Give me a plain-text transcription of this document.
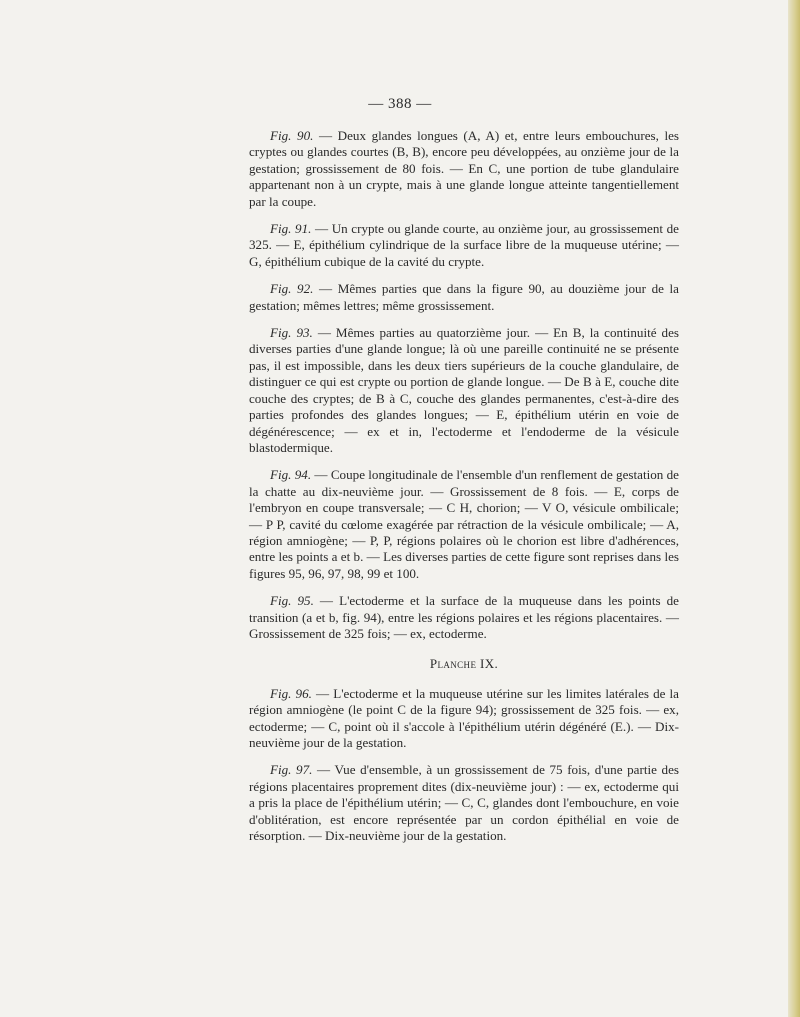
— 388 —

Fig. 90. — Deux glandes longues (A, A) et, entre leurs embouchures, les cryptes ou glandes courtes (B, B), encore peu développées, au onzième jour de la gestation; grossissement de 80 fois. — En C, une portion de tube glandulaire appartenant non à un crypte, mais à une glande longue atteinte tangentiellement par la coupe.

Fig. 91. — Un crypte ou glande courte, au onzième jour, au grossissement de 325. — E, épithélium cylindrique de la surface libre de la muqueuse utérine; — G, épithélium cubique de la cavité du crypte.

Fig. 92. — Mêmes parties que dans la figure 90, au douzième jour de la gestation; mêmes lettres; même grossissement.

Fig. 93. — Mêmes parties au quatorzième jour. — En B, la continuité des diverses parties d'une glande longue; là où une pareille continuité ne se présente pas, il est impossible, dans les deux tiers supérieurs de la couche glandulaire, de distinguer ce qui est crypte ou portion de glande longue. — De B à E, couche dite couche des cryptes; de B à C, couche des glandes permanentes, c'est-à-dire des parties profondes des glandes longues; — E, épithélium utérin en voie de dégénérescence; — ex et in, l'ectoderme et l'endoderme de la vésicule blastodermique.

Fig. 94. — Coupe longitudinale de l'ensemble d'un renflement de gestation de la chatte au dix-neuvième jour. — Grossissement de 8 fois. — E, corps de l'embryon en coupe transversale; — C H, chorion; — V O, vésicule ombilicale; — P P, cavité du cœlome exagérée par rétraction de la vésicule ombilicale; — A, région amniogène; — P, P, régions polaires où le chorion est libre d'adhérences, entre les points a et b. — Les diverses parties de cette figure sont reprises dans les figures 95, 96, 97, 98, 99 et 100.

Fig. 95. — L'ectoderme et la surface de la muqueuse dans les points de transition (a et b, fig. 94), entre les régions polaires et les régions placentaires. — Grossissement de 325 fois; — ex, ectoderme.

Planche IX.

Fig. 96. — L'ectoderme et la muqueuse utérine sur les limites latérales de la région amniogène (le point C de la figure 94); grossissement de 325 fois. — ex, ectoderme; — C, point où il s'accole à l'épithélium utérin dégénéré (E.). — Dix-neuvième jour de la gestation.

Fig. 97. — Vue d'ensemble, à un grossissement de 75 fois, d'une partie des régions placentaires proprement dites (dix-neuvième jour) : — ex, ectoderme qui a pris la place de l'épithélium utérin; — C, C, glandes dont l'embouchure, en voie d'oblitération, est encore représentée par un cordon épithélial en voie de résorption. — Dix-neuvième jour de la gestation.
